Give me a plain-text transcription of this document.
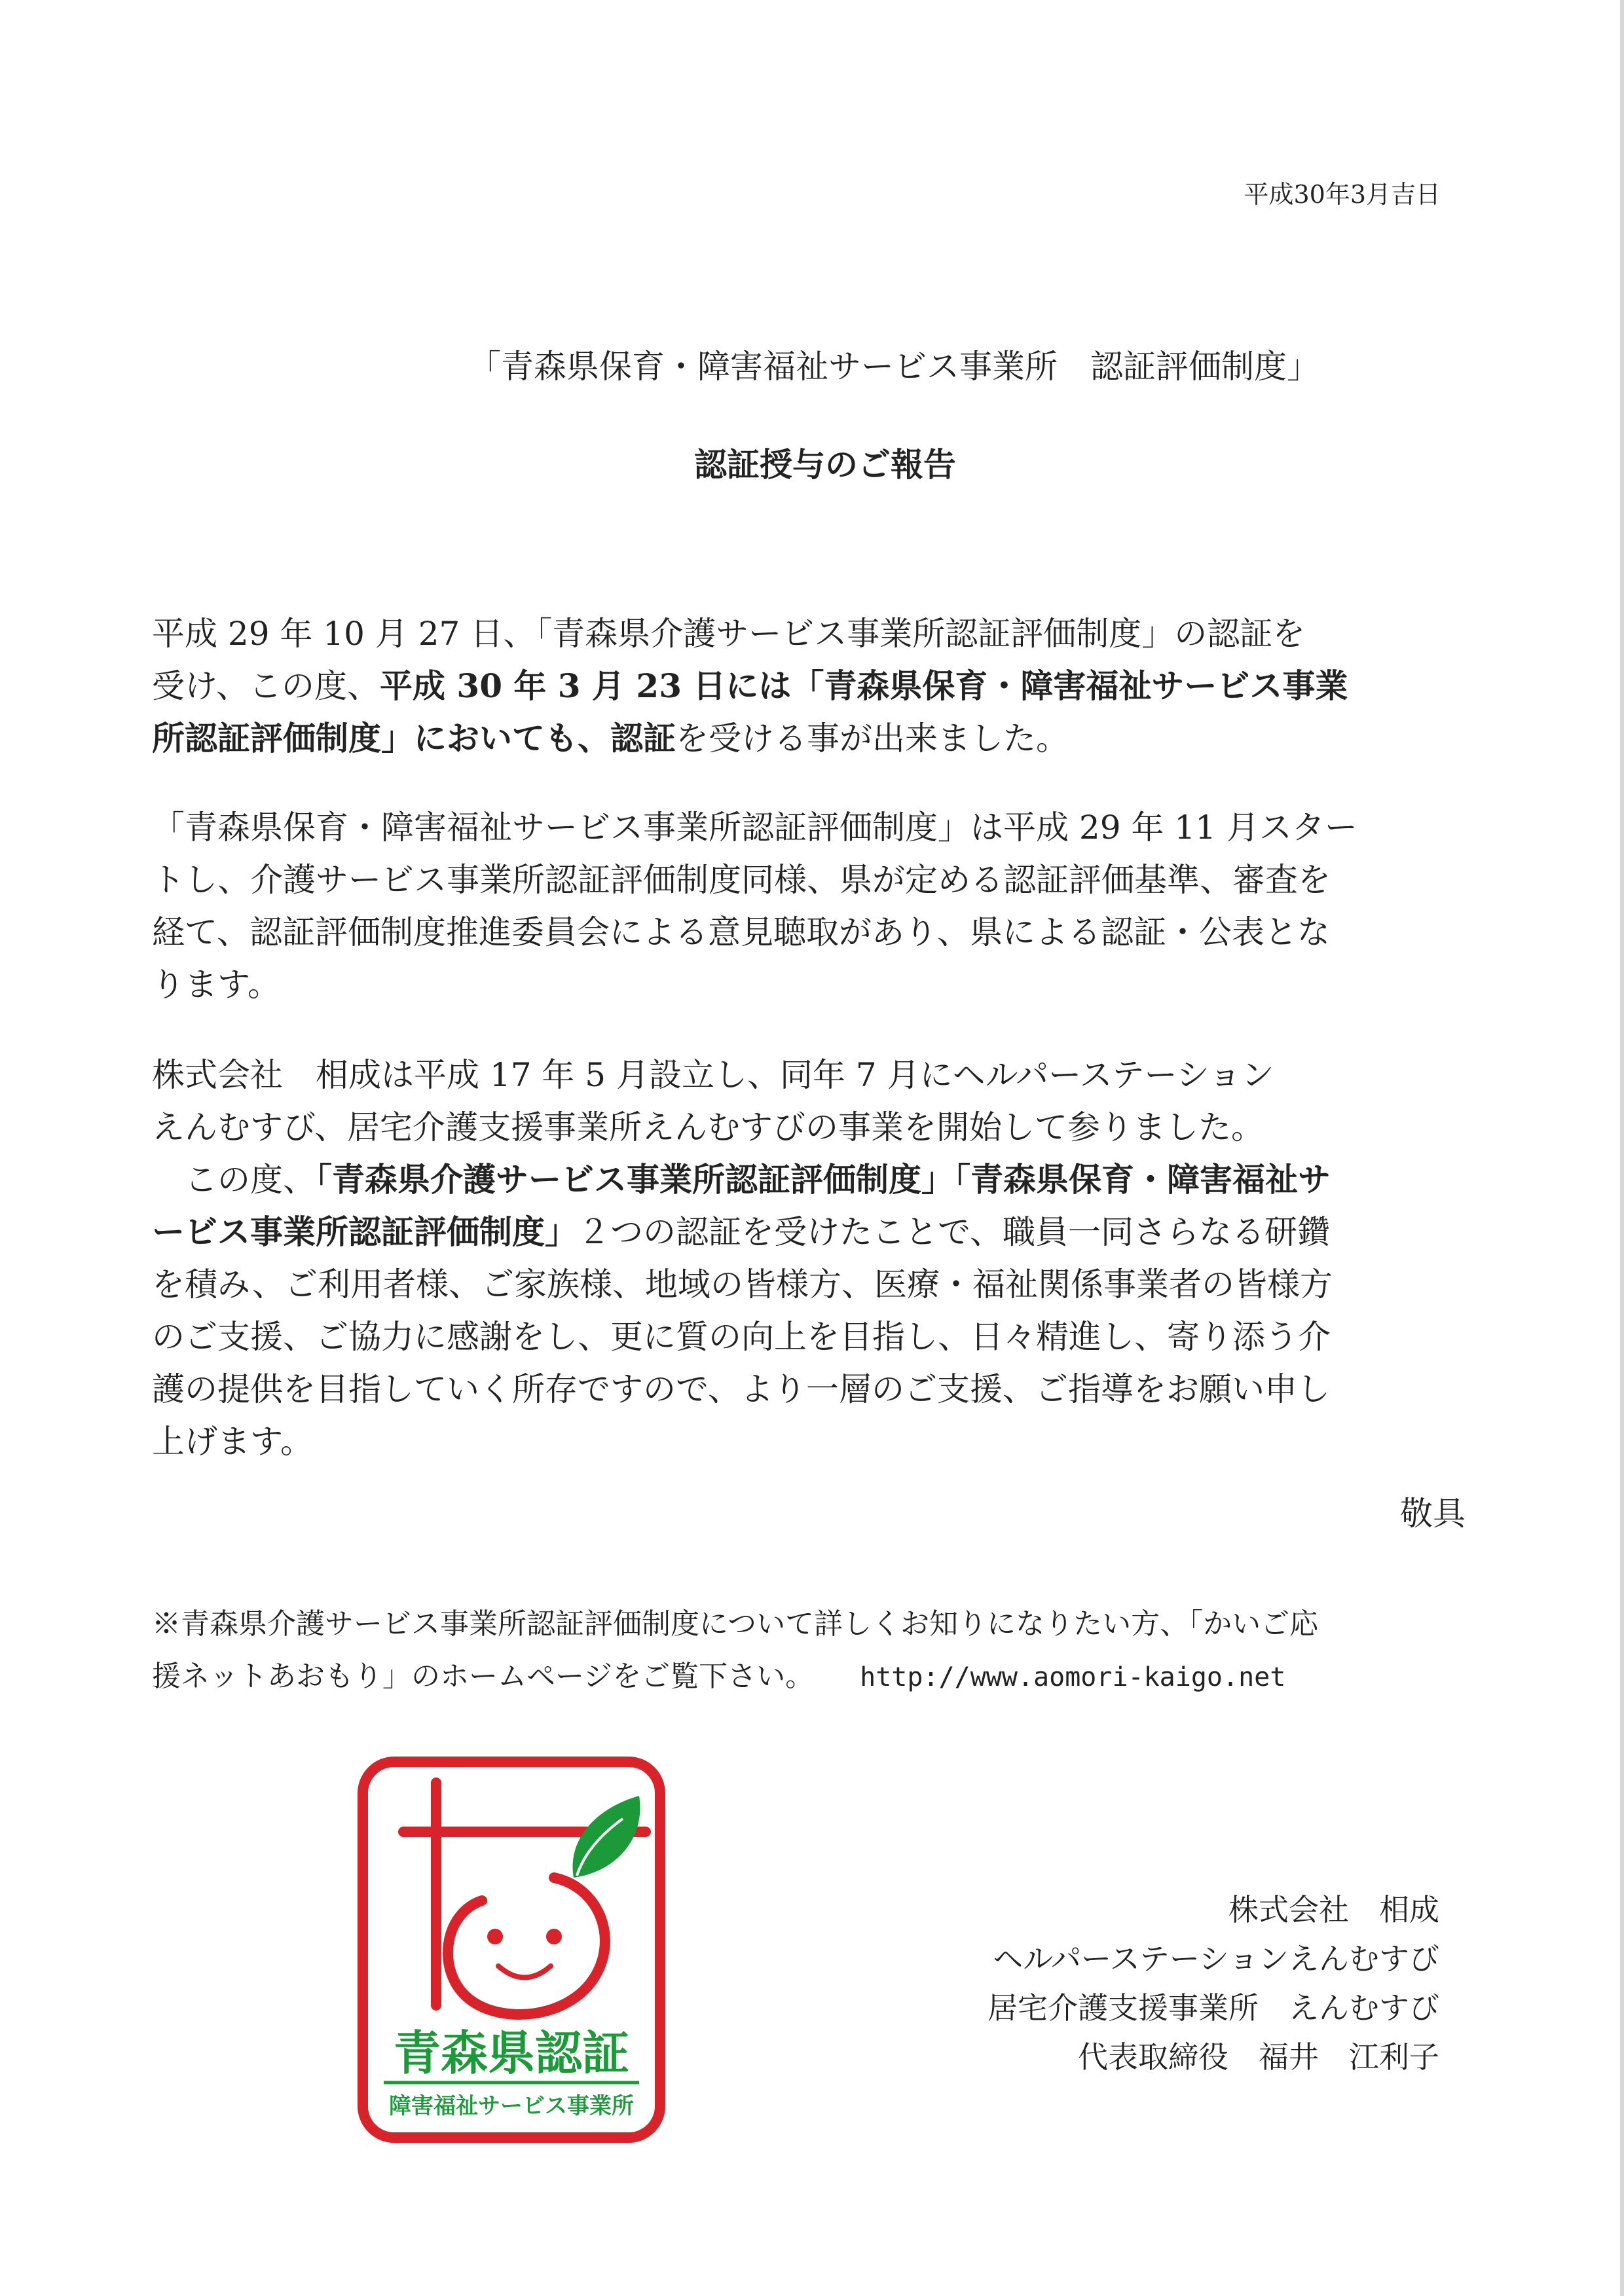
平成30年3月吉日
「青森県保育・障害福祉サービス事業所　認証評価制度」
認証授与のご報告
平成 29 年 10 月 27 日、「青森県介護サービス事業所認証評価制度」の認証を
受け、この度、平成 30 年 3 月 23 日には「青森県保育・障害福祉サービス事業
所認証評価制度」においても、認証を受ける事が出来ました。
「青森県保育・障害福祉サービス事業所認証評価制度」は平成 29 年 11 月スター
トし、介護サービス事業所認証評価制度同様、県が定める認証評価基準、審査を
経て、認証評価制度推進委員会による意見聴取があり、県による認証・公表とな
ります。
株式会社　相成は平成 17 年 5 月設立し、同年 7 月にヘルパーステーション
えんむすび、居宅介護支援事業所えんむすびの事業を開始して参りました。
　この度、「青森県介護サービス事業所認証評価制度」「青森県保育・障害福祉サ
ービス事業所認証評価制度」２つの認証を受けたことで、職員一同さらなる研鑽
を積み、ご利用者様、ご家族様、地域の皆様方、医療・福祉関係事業者の皆様方
のご支援、ご協力に感謝をし、更に質の向上を目指し、日々精進し、寄り添う介
護の提供を目指していく所存ですので、より一層のご支援、ご指導をお願い申し
上げます。
敬具
※青森県介護サービス事業所認証評価制度について詳しくお知りになりたい方、「かいご応
援ネットあおもり」のホームページをご覧下さい。 http://www.aomori-kaigo.net
青森県認証
障害福祉サービス事業所
株式会社　相成
ヘルパーステーションえんむすび
居宅介護支援事業所　えんむすび
代表取締役　福井　江利子
